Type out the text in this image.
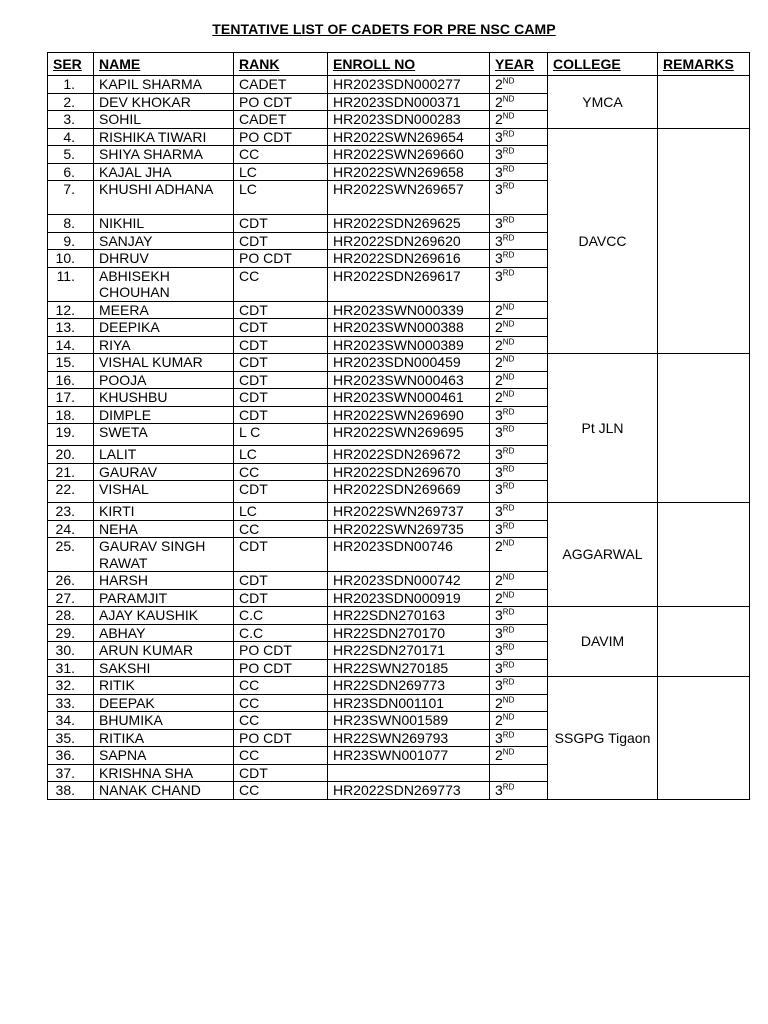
TENTATIVE LIST OF CADETS FOR PRE NSC CAMP
SER	NAME	RANK	ENROLL NO	YEAR	COLLEGE	REMARKS
1.	KAPIL SHARMA	CADET	HR2023SDN000277	2ND	YMCA	
2.	DEV KHOKAR	PO CDT	HR2023SDN000371	2ND
3.	SOHIL	CADET	HR2023SDN000283	2ND
4.	RISHIKA TIWARI	PO CDT	HR2022SWN269654	3RD	DAVCC	
5.	SHIYA SHARMA	CC	HR2022SWN269660	3RD
6.	KAJAL JHA	LC	HR2022SWN269658	3RD
7.	KHUSHI ADHANA	LC	HR2022SWN269657	3RD
8.	NIKHIL	CDT	HR2022SDN269625	3RD
9.	SANJAY	CDT	HR2022SDN269620	3RD
10.	DHRUV	PO CDT	HR2022SDN269616	3RD
11.	ABHISEKH CHOUHAN	CC	HR2022SDN269617	3RD
12.	MEERA	CDT	HR2023SWN000339	2ND
13.	DEEPIKA	CDT	HR2023SWN000388	2ND
14.	RIYA	CDT	HR2023SWN000389	2ND
15.	VISHAL KUMAR	CDT	HR2023SDN000459	2ND	Pt JLN	
16.	POOJA	CDT	HR2023SWN000463	2ND
17.	KHUSHBU	CDT	HR2023SWN000461	2ND
18.	DIMPLE	CDT	HR2022SWN269690	3RD
19.	SWETA	L C	HR2022SWN269695	3RD
20.	LALIT	LC	HR2022SDN269672	3RD
21.	GAURAV	CC	HR2022SDN269670	3RD
22.	VISHAL	CDT	HR2022SDN269669	3RD
23.	KIRTI	LC	HR2022SWN269737	3RD	AGGARWAL	
24.	NEHA	CC	HR2022SWN269735	3RD
25.	GAURAV SINGH RAWAT	CDT	HR2023SDN00746	2ND
26.	HARSH	CDT	HR2023SDN000742	2ND
27.	PARAMJIT	CDT	HR2023SDN000919	2ND
28.	AJAY KAUSHIK	C.C	HR22SDN270163	3RD	DAVIM	
29.	ABHAY	C.C	HR22SDN270170	3RD
30.	ARUN KUMAR	PO CDT	HR22SDN270171	3RD
31.	SAKSHI	PO CDT	HR22SWN270185	3RD
32.	RITIK	CC	HR22SDN269773	3RD	SSGPG Tigaon	
33.	DEEPAK	CC	HR23SDN001101	2ND
34.	BHUMIKA	CC	HR23SWN001589	2ND
35.	RITIKA	PO CDT	HR22SWN269793	3RD
36.	SAPNA	CC	HR23SWN001077	2ND
37.	KRISHNA SHA	CDT				
38.	NANAK CHAND	CC	HR2022SDN269773	3RD
